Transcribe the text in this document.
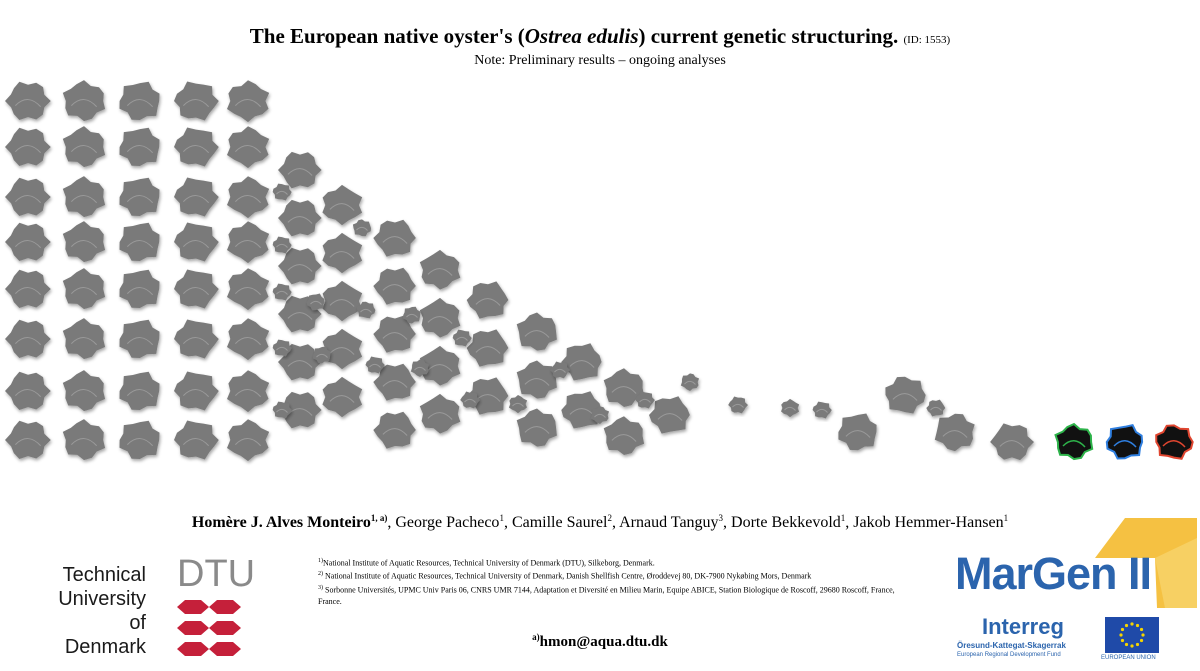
The European native oyster's (Ostrea edulis) current genetic structuring. (ID: 1553)
Note: Preliminary results – ongoing analyses
Homère J. Alves Monteiro$^{1, a)}$, George Pacheco$^1$, Camille Saurel$^2$, Arnaud Tanguy$^3$, Dorte Bekkevold$^1$, Jakob Hemmer-Hansen$^1$
$^{1)}$National Institute of Aquatic Resources, Technical University of Denmark (DTU), Silkeborg, Denmark.
$^{2)}$ National Institute of Aquatic Resources, Technical University of Denmark, Danish Shellfish Centre, Øroddevej 80, DK-7900 Nykøbing Mors, Denmark
$^{3)}$ Sorbonne Universités, UPMC Univ Paris 06, CNRS UMR 7144, Adaptation et Diversité en Milieu Marin, Equipe ABICE, Station Biologique de Roscoff, 29680 Roscoff, France, France.
$^{a)}$hmon@aqua.dtu.dk
Technical
University of
Denmark
DTU	MarGen II
Interreg
Öresund-Kattegat-Skagerrak
European Regional Development Fund	EUROPEAN UNION
